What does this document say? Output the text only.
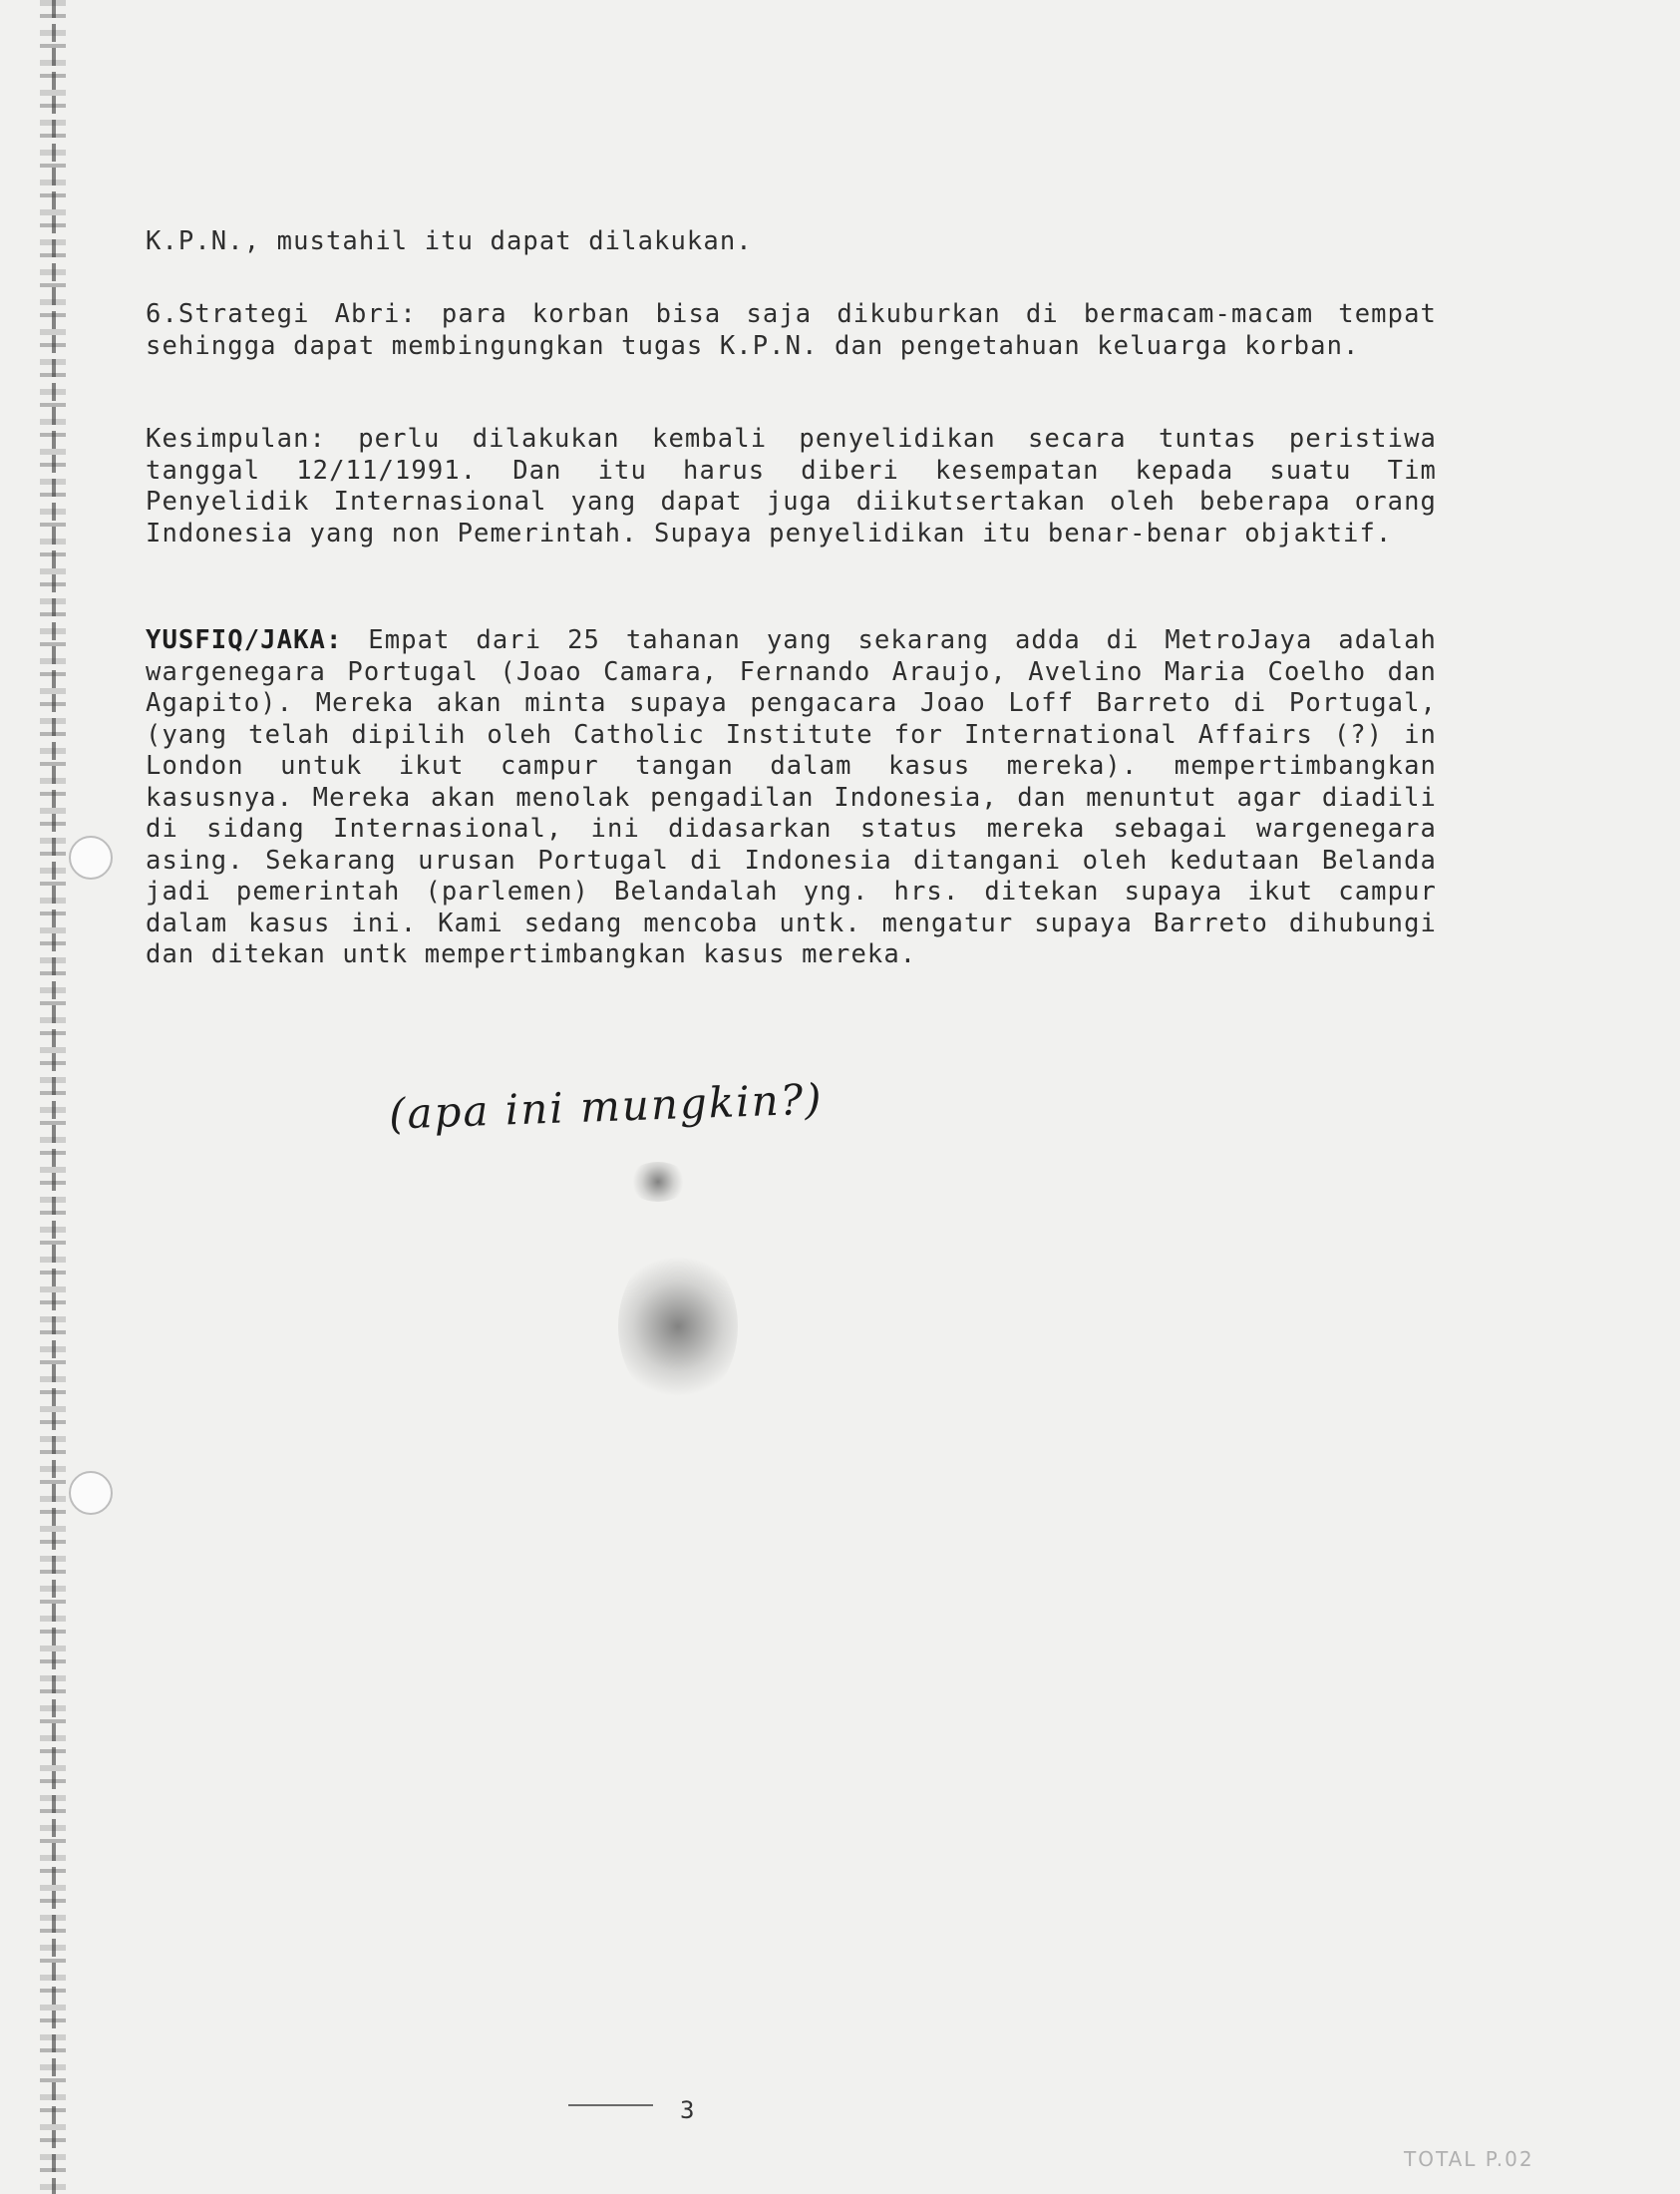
K.P.N., mustahil itu dapat dilakukan.

6.Strategi Abri: para korban bisa saja dikuburkan di bermacam-macam tempat sehingga dapat membingungkan tugas K.P.N. dan pengetahuan keluarga korban.

Kesimpulan: perlu dilakukan kembali penyelidikan secara tuntas peristiwa tanggal 12/11/1991. Dan itu harus diberi kesempatan kepada suatu Tim Penyelidik Internasional yang dapat juga diikutsertakan oleh beberapa orang Indonesia yang non Pemerintah. Supaya penyelidikan itu benar-benar objaktif.

YUSFIQ/JAKA: Empat dari 25 tahanan yang sekarang adda di MetroJaya adalah wargenegara Portugal (Joao Camara, Fernando Araujo, Avelino Maria Coelho dan Agapito). Mereka akan minta supaya pengacara Joao Loff Barreto di Portugal, (yang telah dipilih oleh Catholic Institute for International Affairs (?) in London untuk ikut campur tangan dalam kasus mereka). mempertimbangkan kasusnya. Mereka akan menolak pengadilan Indonesia, dan menuntut agar diadili di sidang Internasional, ini didasarkan status mereka sebagai wargenegara asing. Sekarang urusan Portugal di Indonesia ditangani oleh kedutaan Belanda jadi pemerintah (parlemen) Belandalah yng. hrs. ditekan supaya ikut campur dalam kasus ini. Kami sedang mencoba untk. mengatur supaya Barreto dihubungi dan ditekan untk mempertimbangkan kasus mereka.

(apa ini mungkin?)
3
TOTAL P.02
